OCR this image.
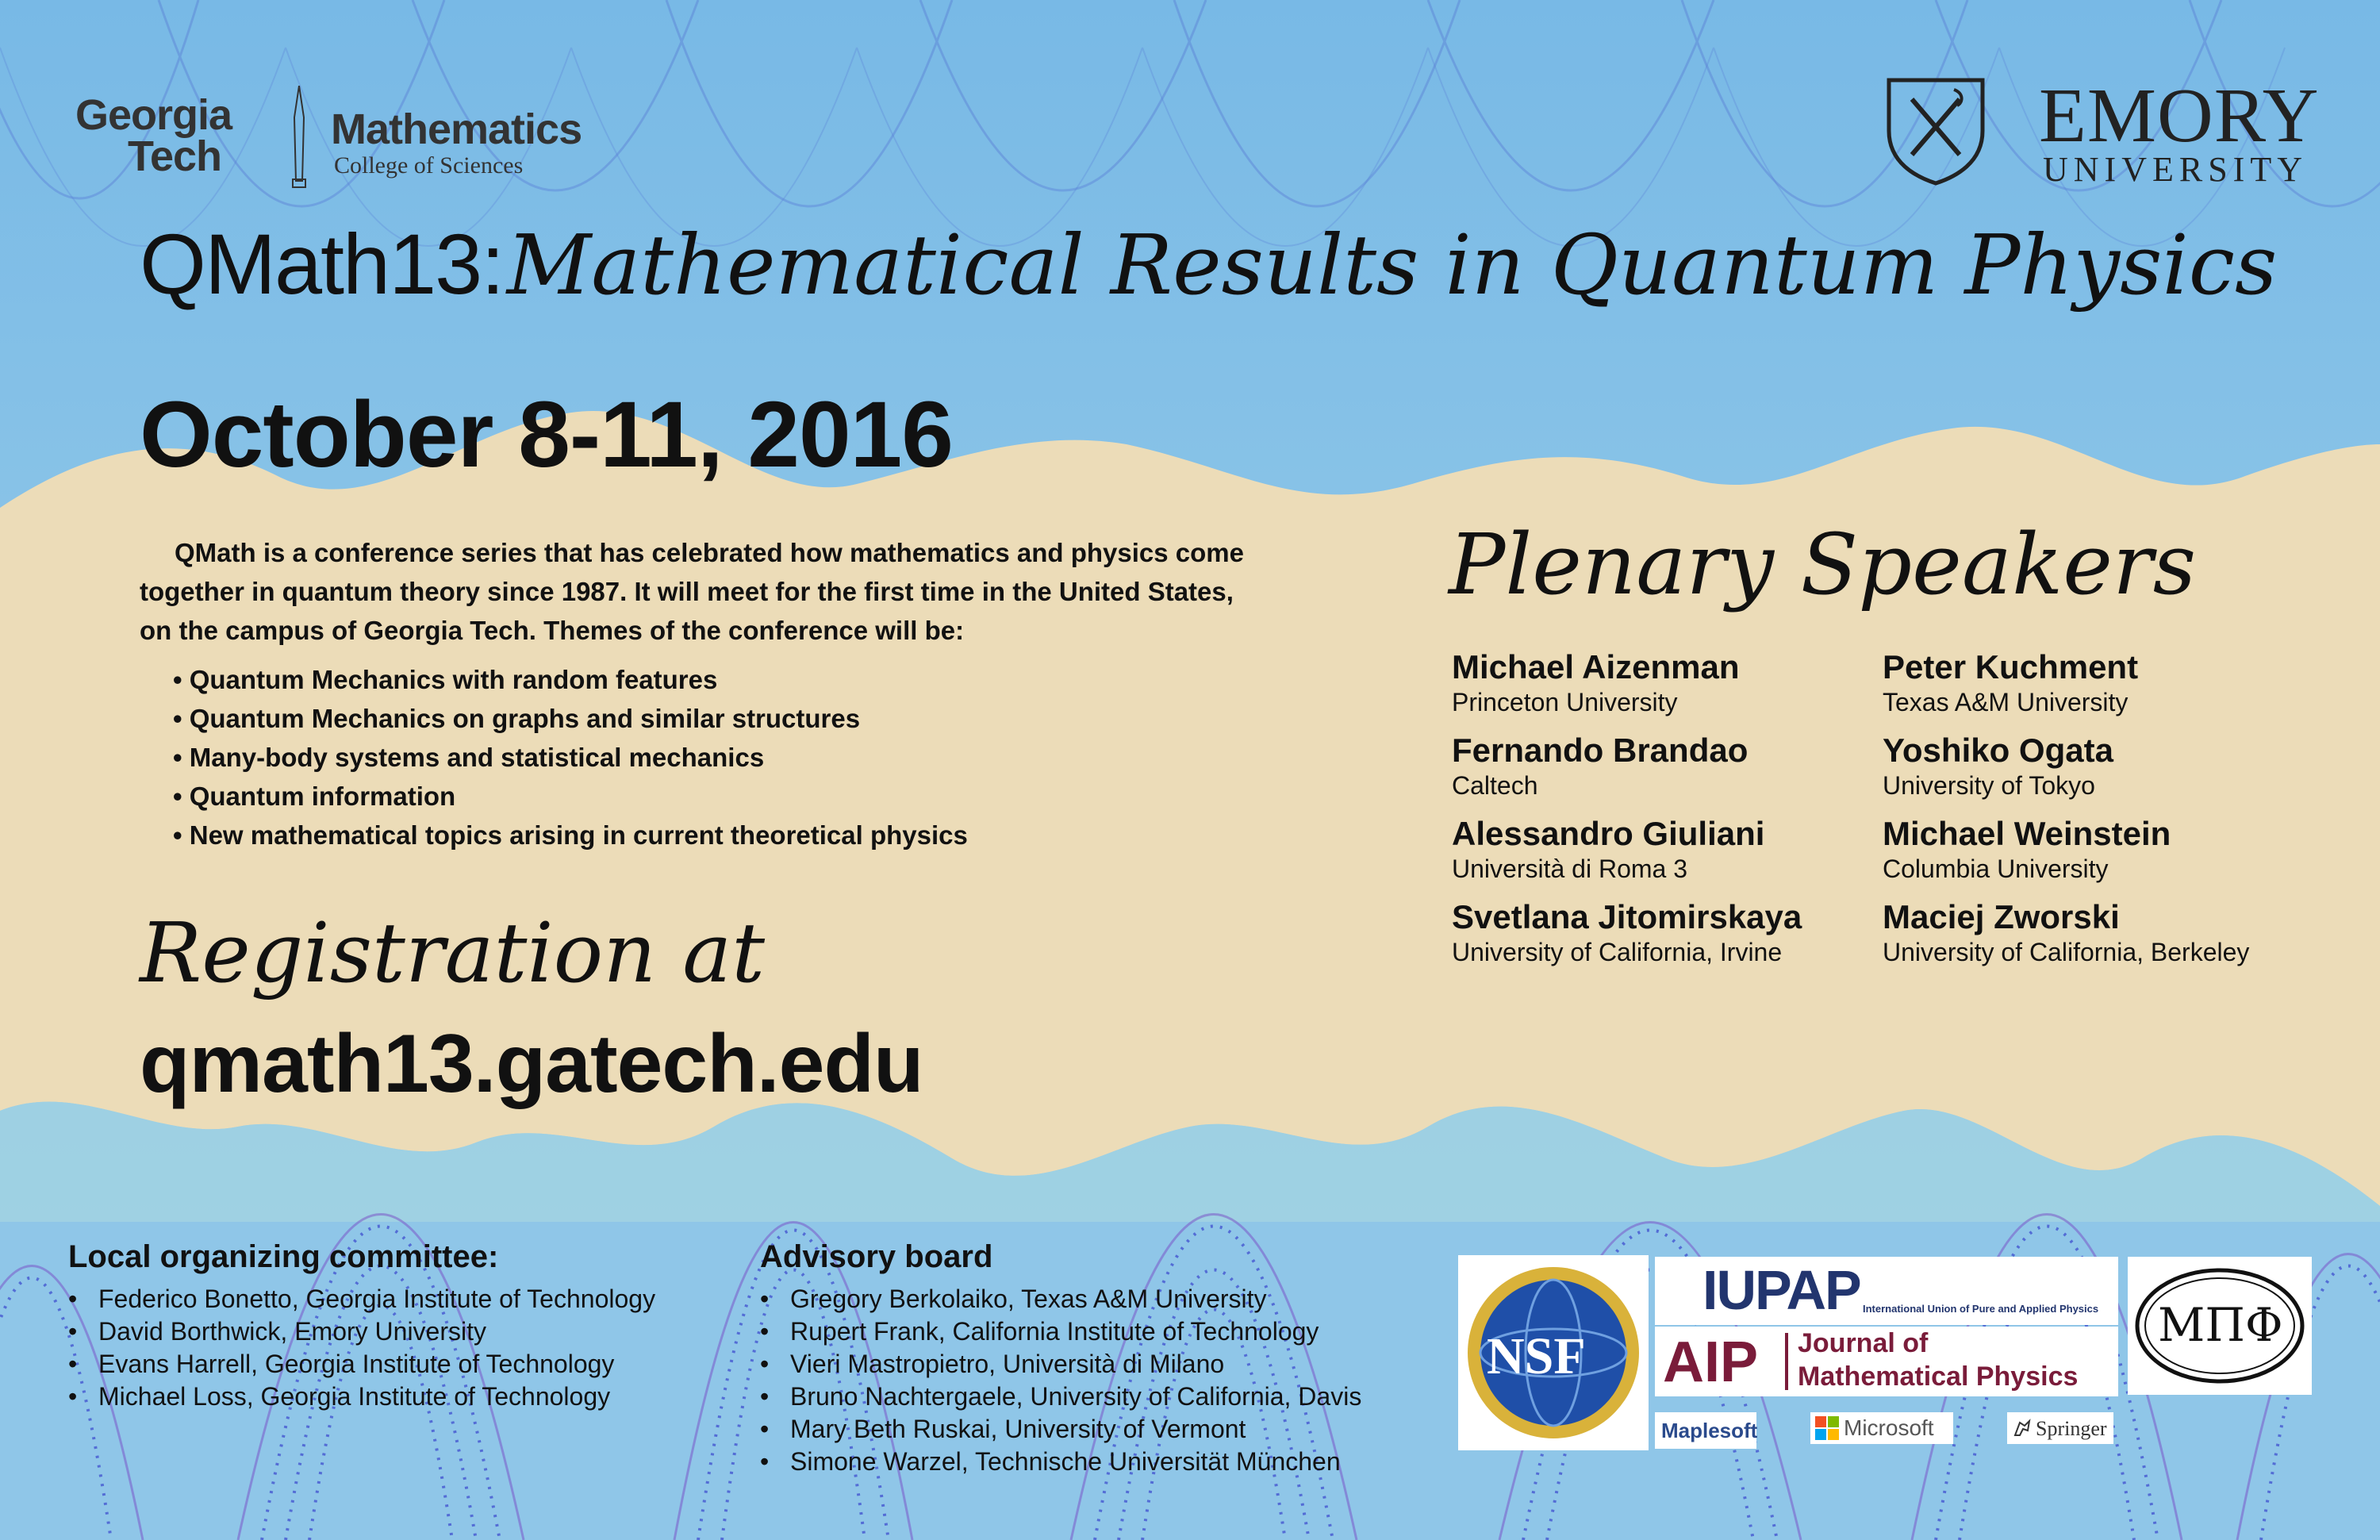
Georgia
Tech
Mathematics
College of Sciences
EMORY
UNIVERSITY
QMath13: Mathematical Results in Quantum Physics
October 8-11, 2016
QMath is a conference series that has celebrated how mathematics and physics come together in quantum theory since 1987. It will meet for the first time in the United States, on the campus of Georgia Tech. Themes of the conference will be:
• Quantum Mechanics with random features
• Quantum Mechanics on graphs and similar structures
• Many-body systems and statistical mechanics
• Quantum information
• New mathematical topics arising in current theoretical physics
Registration at
qmath13.gatech.edu
Plenary Speakers
Michael Aizenman
Princeton University
Peter Kuchment
Texas A&M University
Fernando Brandao
Caltech
Yoshiko Ogata
University of Tokyo
Alessandro Giuliani
Università di Roma 3
Michael Weinstein
Columbia University
Svetlana Jitomirskaya
University of California, Irvine
Maciej Zworski
University of California, Berkeley
Local organizing committee:
• Federico Bonetto, Georgia Institute of Technology
• David Borthwick, Emory University
• Evans Harrell, Georgia Institute of Technology
• Michael Loss, Georgia Institute of Technology
Advisory board
• Gregory Berkolaiko, Texas A&M University
• Rupert Frank, California Institute of Technology
• Vieri Mastropietro, Università di Milano
• Bruno Nachtergaele, University of California, Davis
• Mary Beth Ruskai, University of Vermont
• Simone Warzel, Technische Universität München
NSF
IUPAP International Union of Pure and Applied Physics
AIP Journal of
Mathematical Physics
MΠΦ
Maplesoft	Microsoft	Springer
